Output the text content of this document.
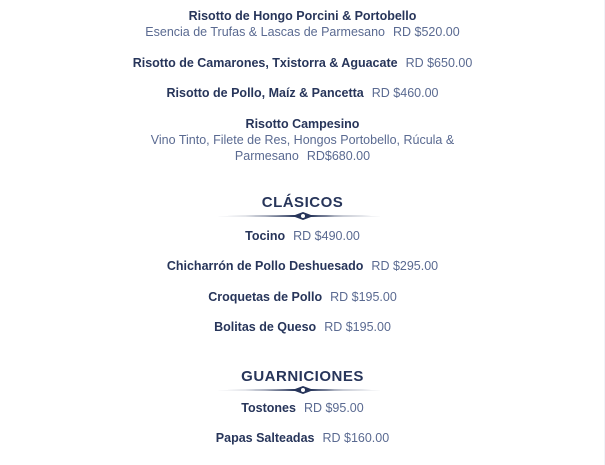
Risotto de Hongo Porcini & Portobello
Esencia de Trufas & Lascas de Parmesano RD $520.00
Risotto de Camarones, Txistorra & Aguacate RD $650.00
Risotto de Pollo, Maíz & Pancetta RD $460.00
Risotto Campesino
Vino Tinto, Filete de Res, Hongos Portobello, Rúcula &
Parmesano RD$680.00
CLÁSICOS
Tocino RD $490.00
Chicharrón de Pollo Deshuesado RD $295.00
Croquetas de Pollo RD $195.00
Bolitas de Queso RD $195.00
GUARNICIONES
Tostones RD $95.00
Papas Salteadas RD $160.00
